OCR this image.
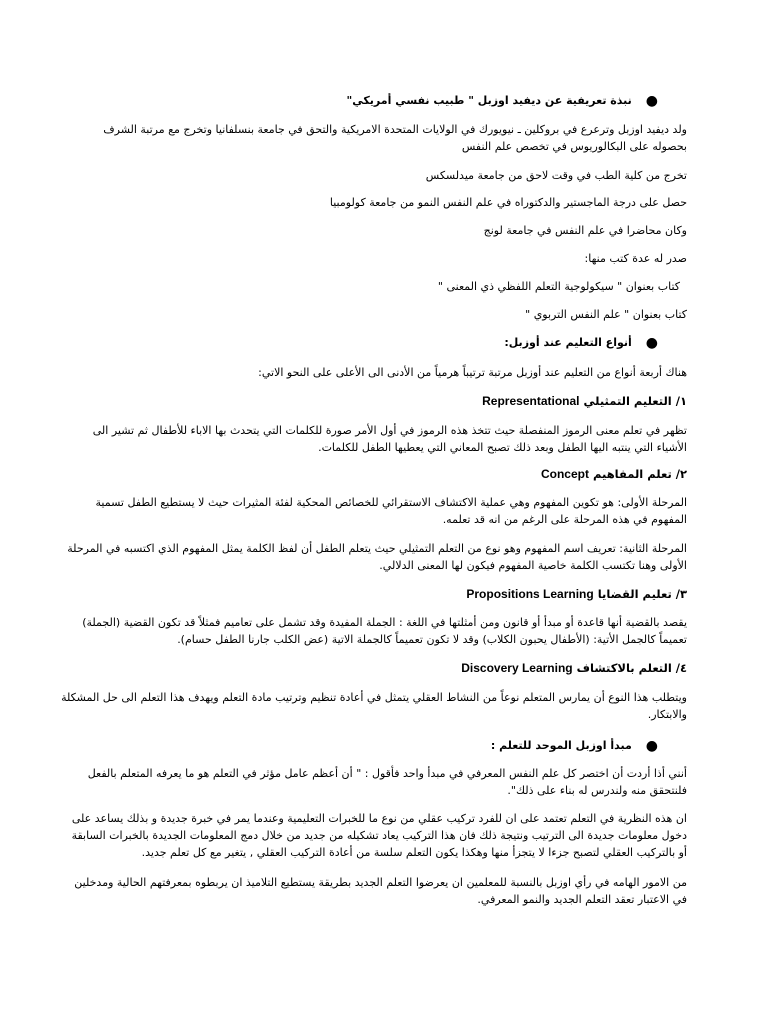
●نبذة تعريفية عن ديفيد اوزبل " طبيب نفسي أمريكي"

ولد ديفيد اوزبل وترعرع في بروكلين ـ نيويورك في الولايات المتحدة الامريكية والتحق في جامعة بنسلفانيا وتخرج مع مرتبة الشرف
بحصوله على البكالوريوس في تخصص علم النفس

تخرج من كلية الطب في وقت لاحق من جامعة ميدلسكس

حصل على درجة الماجستير والدكتوراه في علم النفس النمو من جامعة كولومبيا

وكان محاضرا في علم النفس في جامعة لونج

صدر له عدة كتب منها:

كتاب بعنوان " سيكولوجية التعلم اللفظي ذي المعنى "

كتاب بعنوان " علم النفس التربوي "

●أنواع التعليم عند أوزبل:

هناك أربعة أنواع من التعليم عند أوزبل مرتبة ترتيباً هرمياً من الأدنى الى الأعلى على النحو الاتي:

١/ التعليم التمثيلي Representational

تظهر في تعلم معنى الرموز المنفصلة حيث تتخذ هذه الرموز في أول الأمر صورة للكلمات التي يتحدث بها الاباء للأطفال ثم تشير الى
الأشياء التي ينتبه اليها الطفل وبعد ذلك تصبح المعاني التي يعطيها الطفل للكلمات.

٢/ تعلم المفاهيم Concept

المرحلة الأولى: هو تكوين المفهوم وهي عملية الاكتشاف الاستقرائي للخصائص المحكية لفئة المثيرات حيث لا يستطيع الطفل تسمية
المفهوم في هذه المرحلة على الرغم من انه قد تعلمه.

المرحلة الثانية: تعريف اسم المفهوم وهو نوع من التعلم التمثيلي حيث يتعلم الطفل أن لفظ الكلمة يمثل المفهوم الذي اكتسبه في المرحلة
الأولى وهنا تكتسب الكلمة خاصية المفهوم فيكون لها المعنى الدلالي.

٣/ تعليم القضايا Propositions Learning

يقصد بالقضية أنها قاعدة أو مبدأ أو قانون ومن أمثلتها في اللغة : الجملة المفيدة وقد تشمل على تعاميم فمثلاً قد تكون القضية (الجملة)
تعميماً كالجمل الأتية: (الأطفال يحبون الكلاب) وقد لا تكون تعميماً كالجملة الاتية (عض الكلب جارنا الطفل حسام).

٤/ التعلم بالاكتشاف Discovery Learning

ويتطلب هذا النوع أن يمارس المتعلم نوعاً من النشاط العقلي يتمثل في أعادة تنظيم وترتيب مادة التعلم ويهدف هذا التعلم الى حل المشكلة
والابتكار.

●مبدأ اوزبل الموحد للتعلم :

أنني أذا أردت أن اختصر كل علم النفس المعرفي في مبدأ واحد فأقول : " أن أعظم عامل مؤثر في التعلم هو ما يعرفه المتعلم بالفعل
فلنتحقق منه ولندرس له بناء على ذلك".

ان هذه النظرية في التعلم تعتمد على ان للفرد تركيب عقلي من نوع ما للخبرات التعليمية وعندما يمر في خبرة جديدة و بذلك يساعد على
دخول معلومات جديدة الى الترتيب ونتيجة ذلك فان هذا التركيب يعاد تشكيله من جديد من خلال دمج المعلومات الجديدة بالخبرات السابقة
أو بالتركيب العقلي لتصبح جزءا لا يتجزأ منها وهكذا يكون التعلم سلسة من أعادة التركيب العقلي , يتغير مع كل تعلم جديد.

من الامور الهامه في رأي اوزبل بالنسبة للمعلمين ان يعرضوا التعلم الجديد بطريقة يستطيع التلاميذ ان يربطوه بمعرفتهم الحالية ومدخلين
في الاعتبار تعقد التعلم الجديد والنمو المعرفي.
